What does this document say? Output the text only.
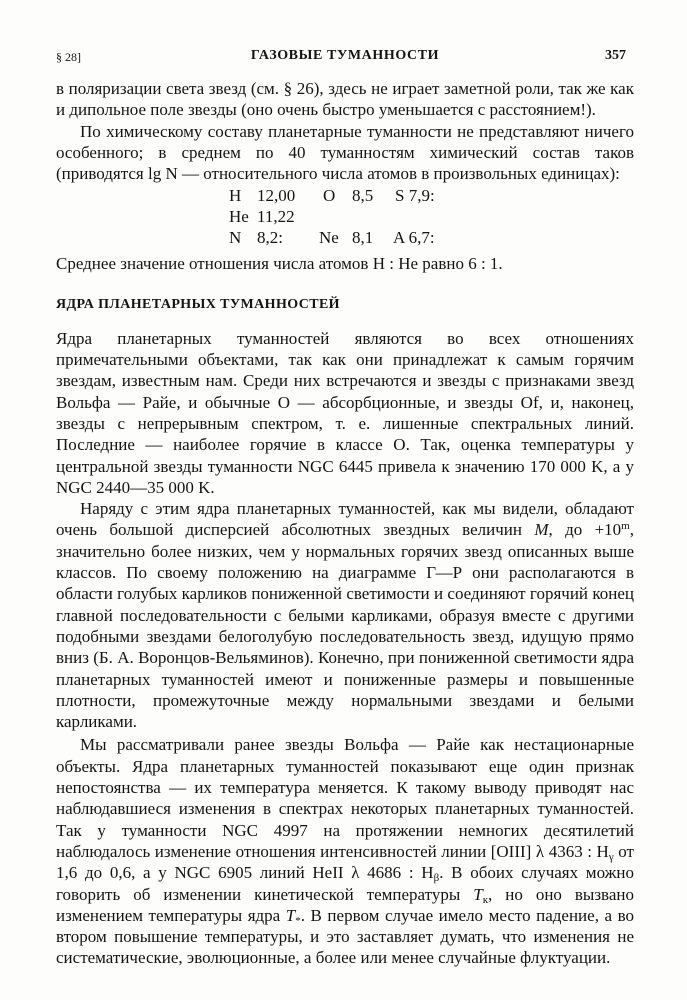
§ 28]	ГАЗОВЫЕ ТУМАННОСТИ	357

в поляризации света звезд (см. § 26), здесь не играет заметной роли, так же как и дипольное поле звезды (оно очень быстро уменьшается с расстоянием!).

По химическому составу планетарные туманности не представляют ничего особенного; в среднем по 40 туманностям химический состав таков (приводятся lg N — относительного числа атомов в произвольных единицах):

H 12,00 O 8,5 S 7,9:
He 11,22
N 8,2: Ne 8,1 A 6,7:

Среднее значение отношения числа атомов H : He равно 6 : 1.

ЯДРА ПЛАНЕТАРНЫХ ТУМАННОСТЕЙ

Ядра планетарных туманностей являются во всех отношениях примечательными объектами, так как они принадлежат к самым горячим звездам, известным нам. Среди них встречаются и звезды с признаками звезд Вольфа — Райе, и обычные O — абсорбционные, и звезды Of, и, наконец, звезды с непрерывным спектром, т. е. лишенные спектральных линий. Последние — наиболее горячие в классе O. Так, оценка температуры у центральной звезды туманности NGC 6445 привела к значению 170 000 K, а у NGC 2440—35 000 K.

Наряду с этим ядра планетарных туманностей, как мы видели, обладают очень большой дисперсией абсолютных звездных величин M, до $+10^m$, значительно более низких, чем у нормальных горячих звезд описанных выше классов. По своему положению на диаграмме Г—Р они располагаются в области голубых карликов пониженной светимости и соединяют горячий конец главной последовательности с белыми карликами, образуя вместе с другими подобными звездами белоголубую последовательность звезд, идущую прямо вниз (Б. А. Воронцов-Вельяминов). Конечно, при пониженной светимости ядра планетарных туманностей имеют и пониженные размеры и повышенные плотности, промежуточные между нормальными звездами и белыми карликами.

Мы рассматривали ранее звезды Вольфа — Райе как нестационарные объекты. Ядра планетарных туманностей показывают еще один признак непостоянства — их температура меняется. К такому выводу приводят нас наблюдавшиеся изменения в спектрах некоторых планетарных туманностей. Так у туманности NGC 4997 на протяжении немногих десятилетий наблюдалось изменение отношения интенсивностей линии [OIII] λ 4363 : $H_\gamma$ от 1,6 до 0,6, а у NGC 6905 линий HeII λ 4686 : $H_\beta$. В обоих случаях можно говорить об изменении кинетической температуры $T_к$, но оно вызвано изменением температуры ядра $T_*$. В первом случае имело место падение, а во втором повышение температуры, и это заставляет думать, что изменения не систематические, эволюционные, а более или менее случайные флуктуации.
